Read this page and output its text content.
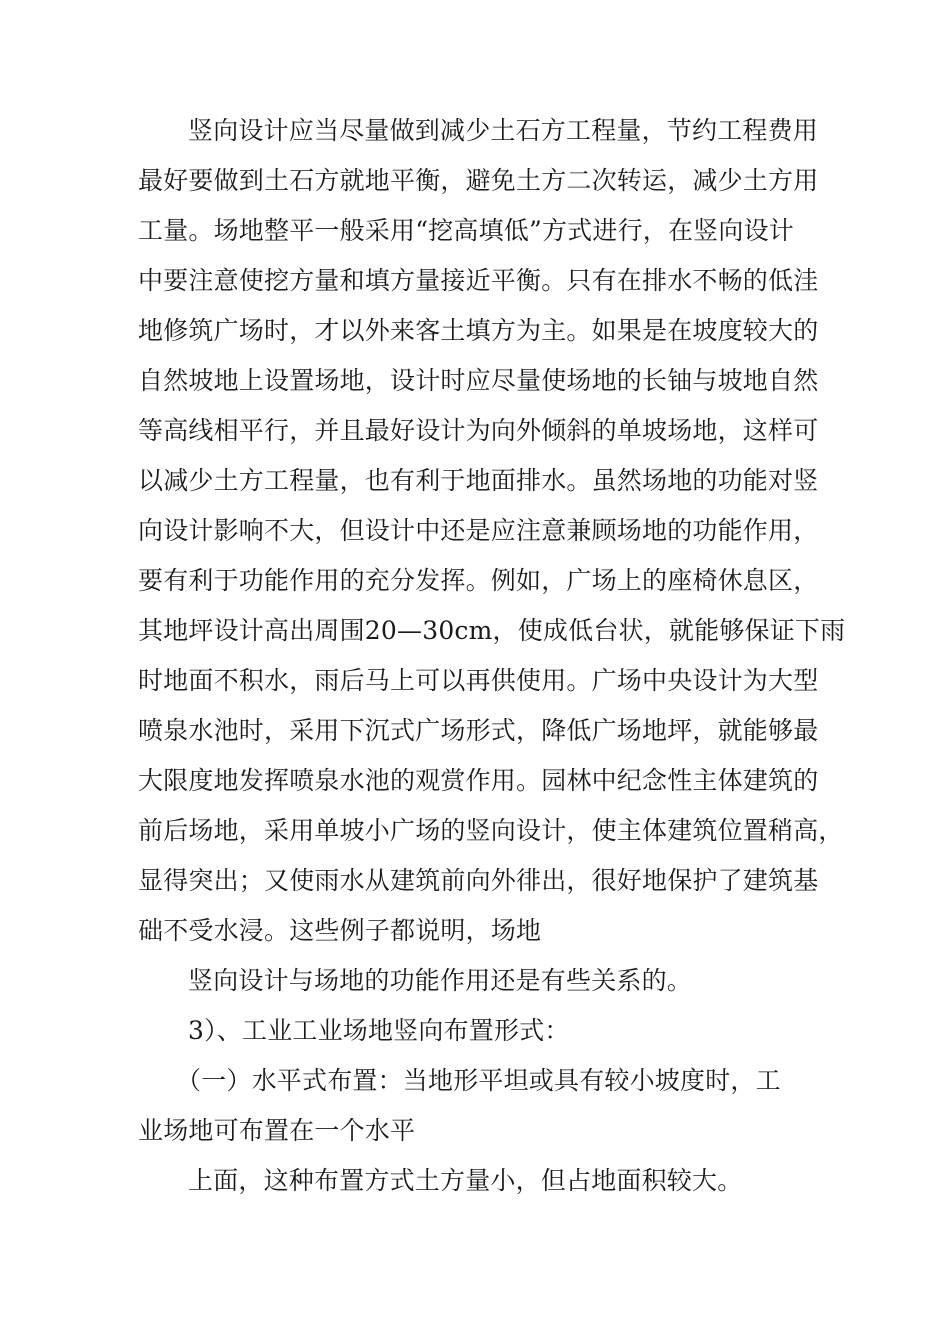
竖向设计应当尽量做到减少土石方工程量，节约工程费用
最好要做到土石方就地平衡，避免土方二次转运，减少土方用
工量。场地整平一般采用“挖高填低”方式进行，在竖向设计
中要注意使挖方量和填方量接近平衡。只有在排水不畅的低洼
地修筑广场时，才以外来客土填方为主。如果是在坡度较大的
自然坡地上设置场地，设计时应尽量使场地的长铀与坡地自然
等高线相平行，并且最好设计为向外倾斜的单坡场地，这样可
以减少土方工程量，也有利于地面排水。虽然场地的功能对竖
向设计影响不大，但设计中还是应注意兼顾场地的功能作用，
要有利于功能作用的充分发挥。例如，广场上的座椅休息区，
其地坪设计高出周围20—30cm，使成低台状，就能够保证下雨
时地面不积水，雨后马上可以再供使用。广场中央设计为大型
喷泉水池时，采用下沉式广场形式，降低广场地坪，就能够最
大限度地发挥喷泉水池的观赏作用。园林中纪念性主体建筑的
前后场地，采用单坡小广场的竖向设计，使主体建筑位置稍高，
显得突出；又使雨水从建筑前向外徘出，很好地保护了建筑基
础不受水浸。这些例子都说明，场地
竖向设计与场地的功能作用还是有些关系的。
3）、工业工业场地竖向布置形式：
（一）水平式布置：当地形平坦或具有较小坡度时，工
业场地可布置在一个水平
上面，这种布置方式土方量小，但占地面积较大。
